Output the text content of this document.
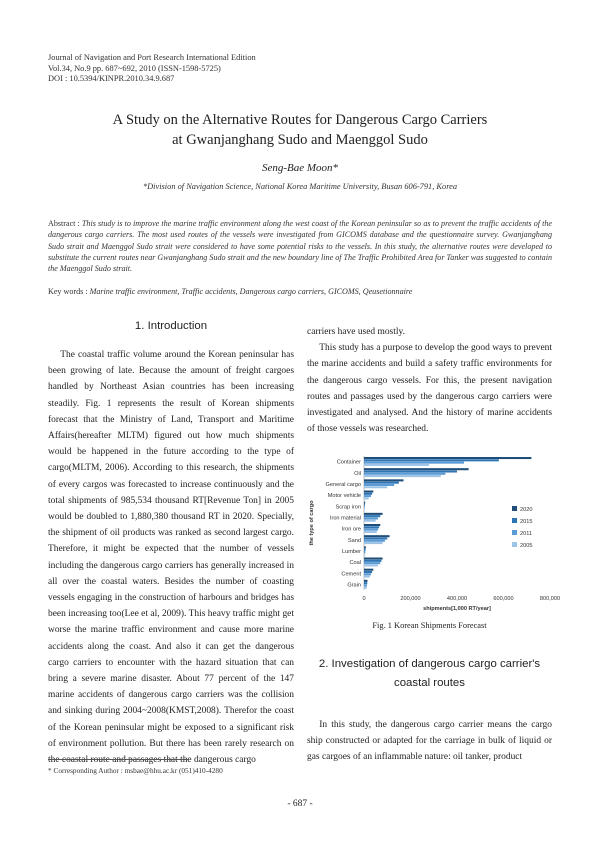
Journal of Navigation and Port Research International Edition
Vol.34, No.9 pp. 687~692, 2010 (ISSN-1598-5725)
DOI : 10.5394/KINPR.2010.34.9.687
A Study on the Alternative Routes for Dangerous Cargo Carriers
at Gwanjanghang Sudo and Maenggol Sudo
Seng-Bae Moon*
*Division of Navigation Science, National Korea Maritime University, Busan 606-791, Korea
Abstract : This study is to improve the marine traffic environment along the west coast of the Korean peninsular so as to prevent the traffic accidents of the dangerous cargo carriers. The most used routes of the vessels were investigated from GICOMS database and the questionnaire survey. Gwanjanghang Sudo strait and Maenggol Sudo strait were considered to have some potential risks to the vessels. In this study, the alternative routes were developed to substitute the current routes near Gwanjanghang Sudo strait and the new boundary line of The Traffic Prohibited Area for Tanker was suggested to contain the Maenggol Sudo strait.
Key words : Marine traffic environment, Traffic accidents, Dangerous cargo carriers, GICOMS, Qeusetionnaire
1. Introduction

The coastal traffic volume around the Korean peninsular has been growing of late. Because the amount of freight cargoes handled by Northeast Asian countries has been increasing steadily. Fig. 1 represents the result of Korean shipments forecast that the Ministry of Land, Transport and Maritime Affairs(hereafter MLTM) figured out how much shipments would be happened in the future according to the type of cargo(MLTM, 2006). According to this research, the shipments of every cargos was forecasted to increase continuously and the total shipments of 985,534 thousand RT[Revenue Ton] in 2005 would be doubled to 1,880,380 thousand RT in 2020. Specially, the shipment of oil products was ranked as second largest cargo. Therefore, it might be expected that the number of vessels including the dangerous cargo carriers has generally increased in all over the coastal waters. Besides the number of coasting vessels engaging in the construction of harbours and bridges has been increasing too(Lee et al, 2009). This heavy traffic might get worse the marine traffic environment and cause more marine accidents along the coast. And also it can get the dangerous cargo carriers to encounter with the hazard situation that can bring a severe marine disaster. About 77 percent of the 147 marine accidents of dangerous cargo carriers was the collision and sinking during 2004~2008(KMST,2008). Therefor the coast of the Korean peninsular might be exposed to a significant risk of environment pollution. But there has been rarely research on the coastal route and passages that the dangerous cargo

carriers have used mostly.

This study has a purpose to develop the good ways to prevent the marine accidents and build a safety traffic environments for the dangerous cargo vessels. For this, the present navigation routes and passages used by the dangerous cargo carriers were investigated and analysed. And the history of marine accidents of those vessels was researched.

Container
Oil
General cargo
Motor vehicle
Scrap iron
Iron material
Iron ore
Sand
Lumber
Coal
Cement
Grain
0	200,000	400,000	600,000	800,000
shipments[1,000 RT/year]
the type of cargo	2020
2015
2011
2005
Fig. 1 Korean Shipments Forecast
2. Investigation of dangerous cargo carrier's
coastal routes

In this study, the dangerous cargo carrier means the cargo ship constructed or adapted for the carriage in bulk of liquid or gas cargoes of an inflammable nature: oil tanker, product

* Corresponding Author : msbae@hhu.ac.kr (051)410-4280
- 687 -
